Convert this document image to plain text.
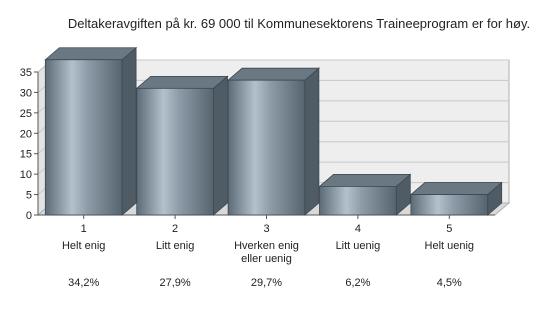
Deltakeravgiften på kr. 69 000 til Kommunesektorens Traineeprogram er for høy.
0
5
10
15
20
25
30
35
1	2	3	4	5
Helt enig	Litt enig	Hverken enig eller uenig
Litt uenig	Helt uenig
34,2%	27,9%	29,7%	6,2%	4,5%
